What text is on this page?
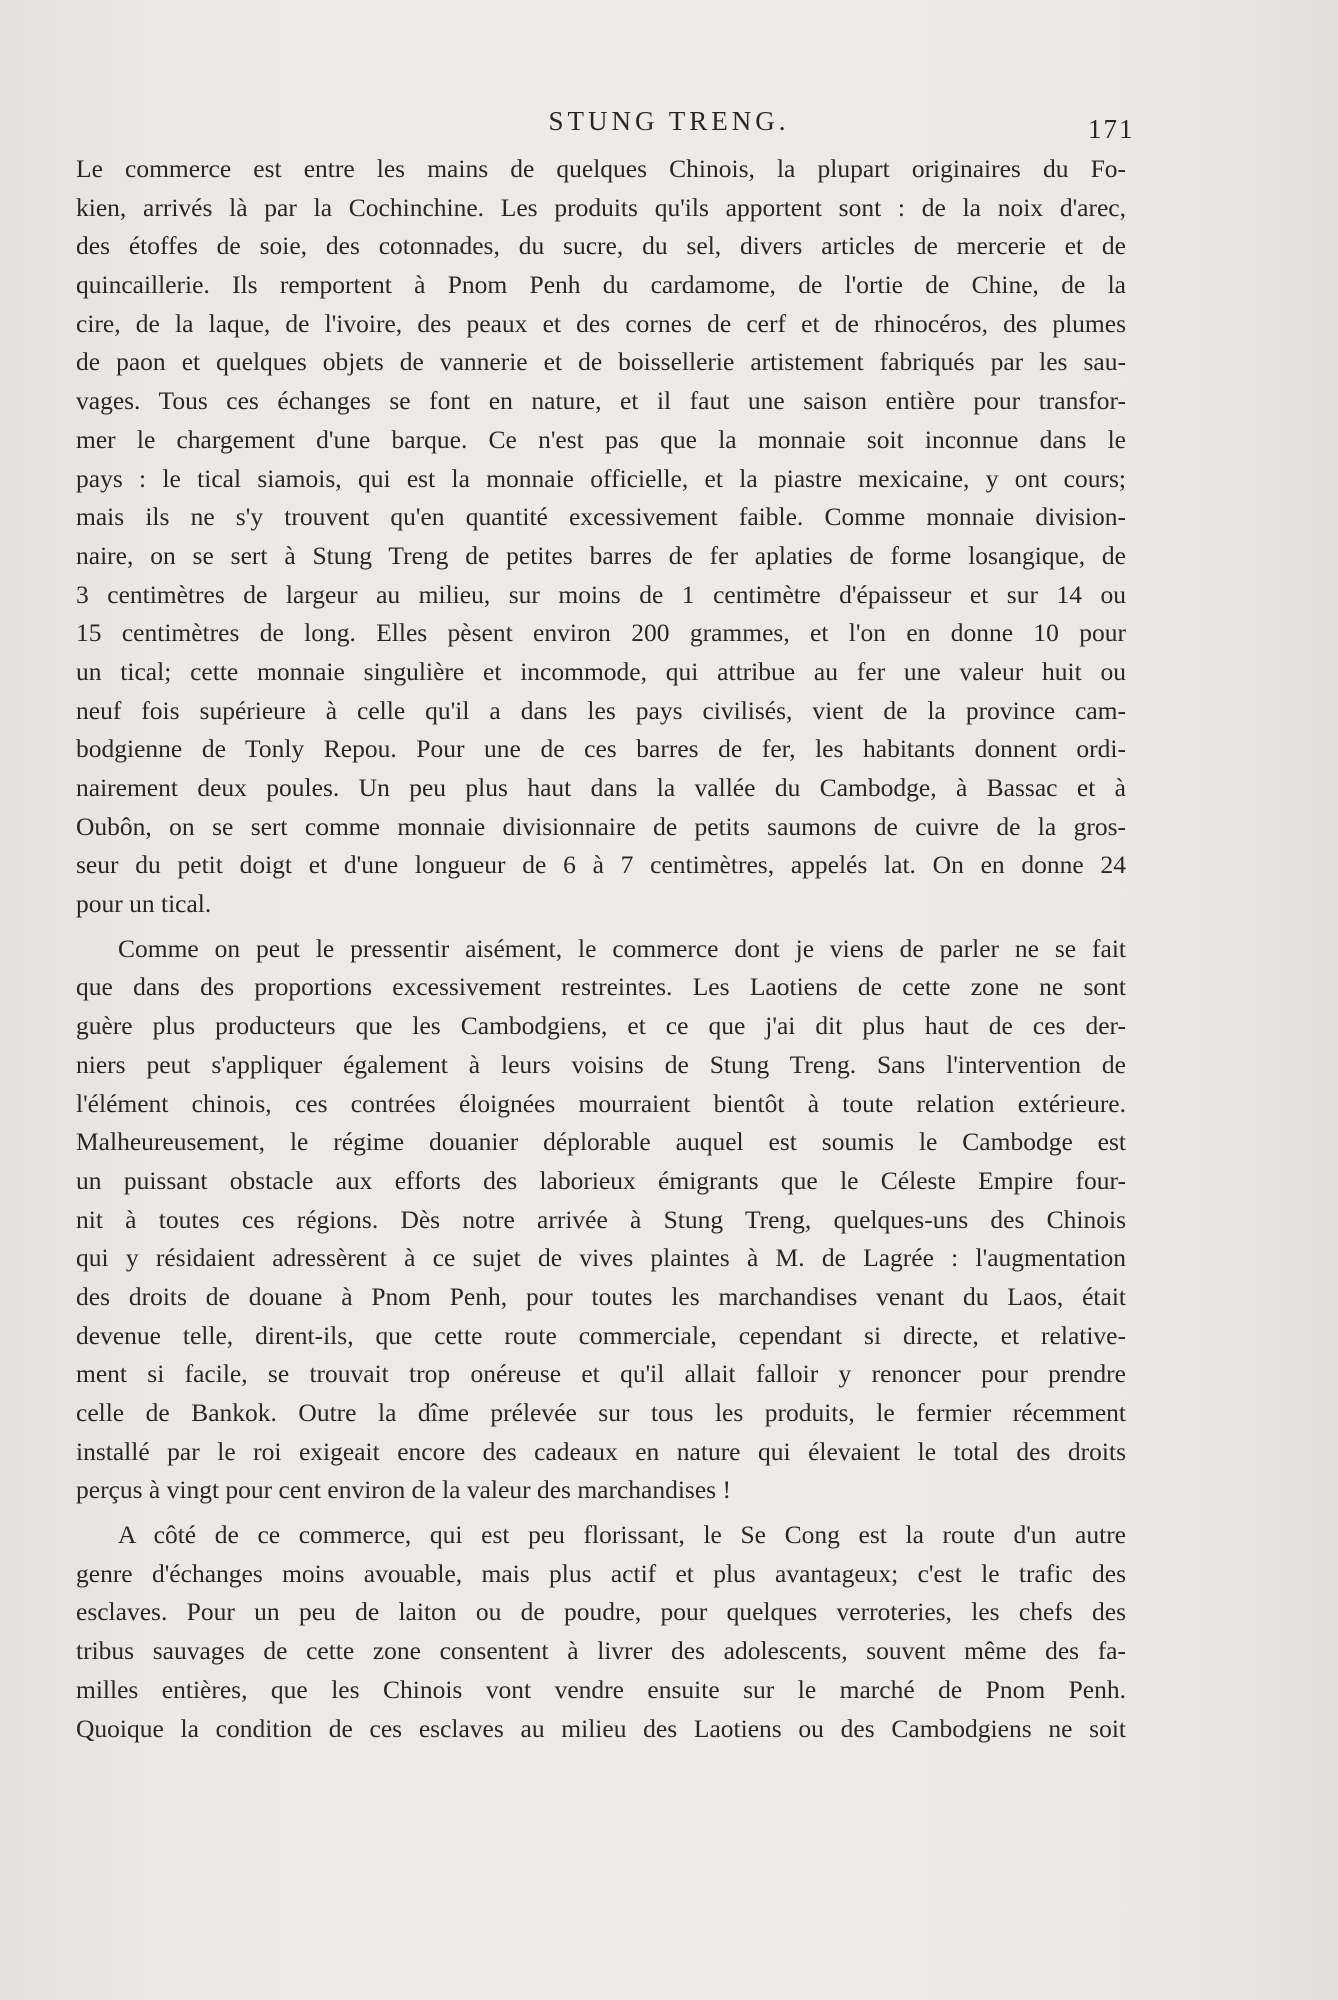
STUNG TRENG.	171
Le commerce est entre les mains de quelques Chinois, la plupart originaires du Fo-
kien, arrivés là par la Cochinchine. Les produits qu'ils apportent sont : de la noix d'arec,
des étoffes de soie, des cotonnades, du sucre, du sel, divers articles de mercerie et de
quincaillerie. Ils remportent à Pnom Penh du cardamome, de l'ortie de Chine, de la
cire, de la laque, de l'ivoire, des peaux et des cornes de cerf et de rhinocéros, des plumes
de paon et quelques objets de vannerie et de boissellerie artistement fabriqués par les sau-
vages. Tous ces échanges se font en nature, et il faut une saison entière pour transfor-
mer le chargement d'une barque. Ce n'est pas que la monnaie soit inconnue dans le
pays : le tical siamois, qui est la monnaie officielle, et la piastre mexicaine, y ont cours;
mais ils ne s'y trouvent qu'en quantité excessivement faible. Comme monnaie division-
naire, on se sert à Stung Treng de petites barres de fer aplaties de forme losangique, de
3 centimètres de largeur au milieu, sur moins de 1 centimètre d'épaisseur et sur 14 ou
15 centimètres de long. Elles pèsent environ 200 grammes, et l'on en donne 10 pour
un tical; cette monnaie singulière et incommode, qui attribue au fer une valeur huit ou
neuf fois supérieure à celle qu'il a dans les pays civilisés, vient de la province cam-
bodgienne de Tonly Repou. Pour une de ces barres de fer, les habitants donnent ordi-
nairement deux poules. Un peu plus haut dans la vallée du Cambodge, à Bassac et à
Oubôn, on se sert comme monnaie divisionnaire de petits saumons de cuivre de la gros-
seur du petit doigt et d'une longueur de 6 à 7 centimètres, appelés lat. On en donne 24
pour un tical.
Comme on peut le pressentir aisément, le commerce dont je viens de parler ne se fait
que dans des proportions excessivement restreintes. Les Laotiens de cette zone ne sont
guère plus producteurs que les Cambodgiens, et ce que j'ai dit plus haut de ces der-
niers peut s'appliquer également à leurs voisins de Stung Treng. Sans l'intervention de
l'élément chinois, ces contrées éloignées mourraient bientôt à toute relation extérieure.
Malheureusement, le régime douanier déplorable auquel est soumis le Cambodge est
un puissant obstacle aux efforts des laborieux émigrants que le Céleste Empire four-
nit à toutes ces régions. Dès notre arrivée à Stung Treng, quelques-uns des Chinois
qui y résidaient adressèrent à ce sujet de vives plaintes à M. de Lagrée : l'augmentation
des droits de douane à Pnom Penh, pour toutes les marchandises venant du Laos, était
devenue telle, dirent-ils, que cette route commerciale, cependant si directe, et relative-
ment si facile, se trouvait trop onéreuse et qu'il allait falloir y renoncer pour prendre
celle de Bankok. Outre la dîme prélevée sur tous les produits, le fermier récemment
installé par le roi exigeait encore des cadeaux en nature qui élevaient le total des droits
perçus à vingt pour cent environ de la valeur des marchandises !
A côté de ce commerce, qui est peu florissant, le Se Cong est la route d'un autre
genre d'échanges moins avouable, mais plus actif et plus avantageux; c'est le trafic des
esclaves. Pour un peu de laiton ou de poudre, pour quelques verroteries, les chefs des
tribus sauvages de cette zone consentent à livrer des adolescents, souvent même des fa-
milles entières, que les Chinois vont vendre ensuite sur le marché de Pnom Penh.
Quoique la condition de ces esclaves au milieu des Laotiens ou des Cambodgiens ne soit
